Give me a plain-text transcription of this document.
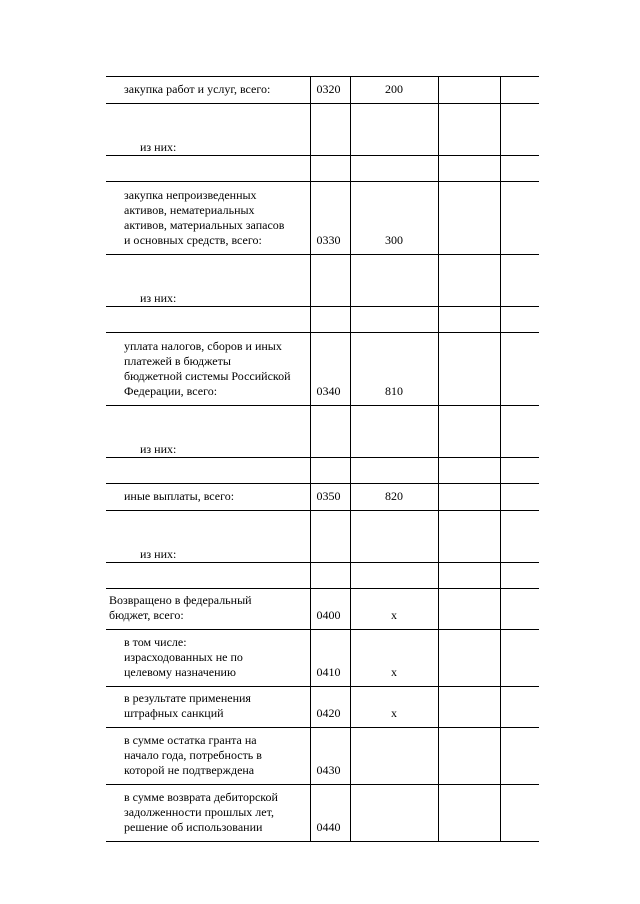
закупка работ и услуг, всего:	0320	200		

из них:				

закупка непроизведенных
активов, нематериальных
активов, материальных запасов
и основных средств, всего:	0330	300		

из них:				

уплата налогов, сборов и иных
платежей в бюджеты
бюджетной системы Российской
Федерации, всего:	0340	810		

из них:				

иные выплаты, всего:	0350	820		

из них:				

Возвращено в федеральный
бюджет, всего:	0400	x		

в том числе:
израсходованных не по
целевому назначению	0410	x		

в результате применения
штрафных санкций	0420	x		

в сумме остатка гранта на
начало года, потребность в
которой не подтверждена	0430			

в сумме возврата дебиторской
задолженности прошлых лет,
решение об использовании	0440			
